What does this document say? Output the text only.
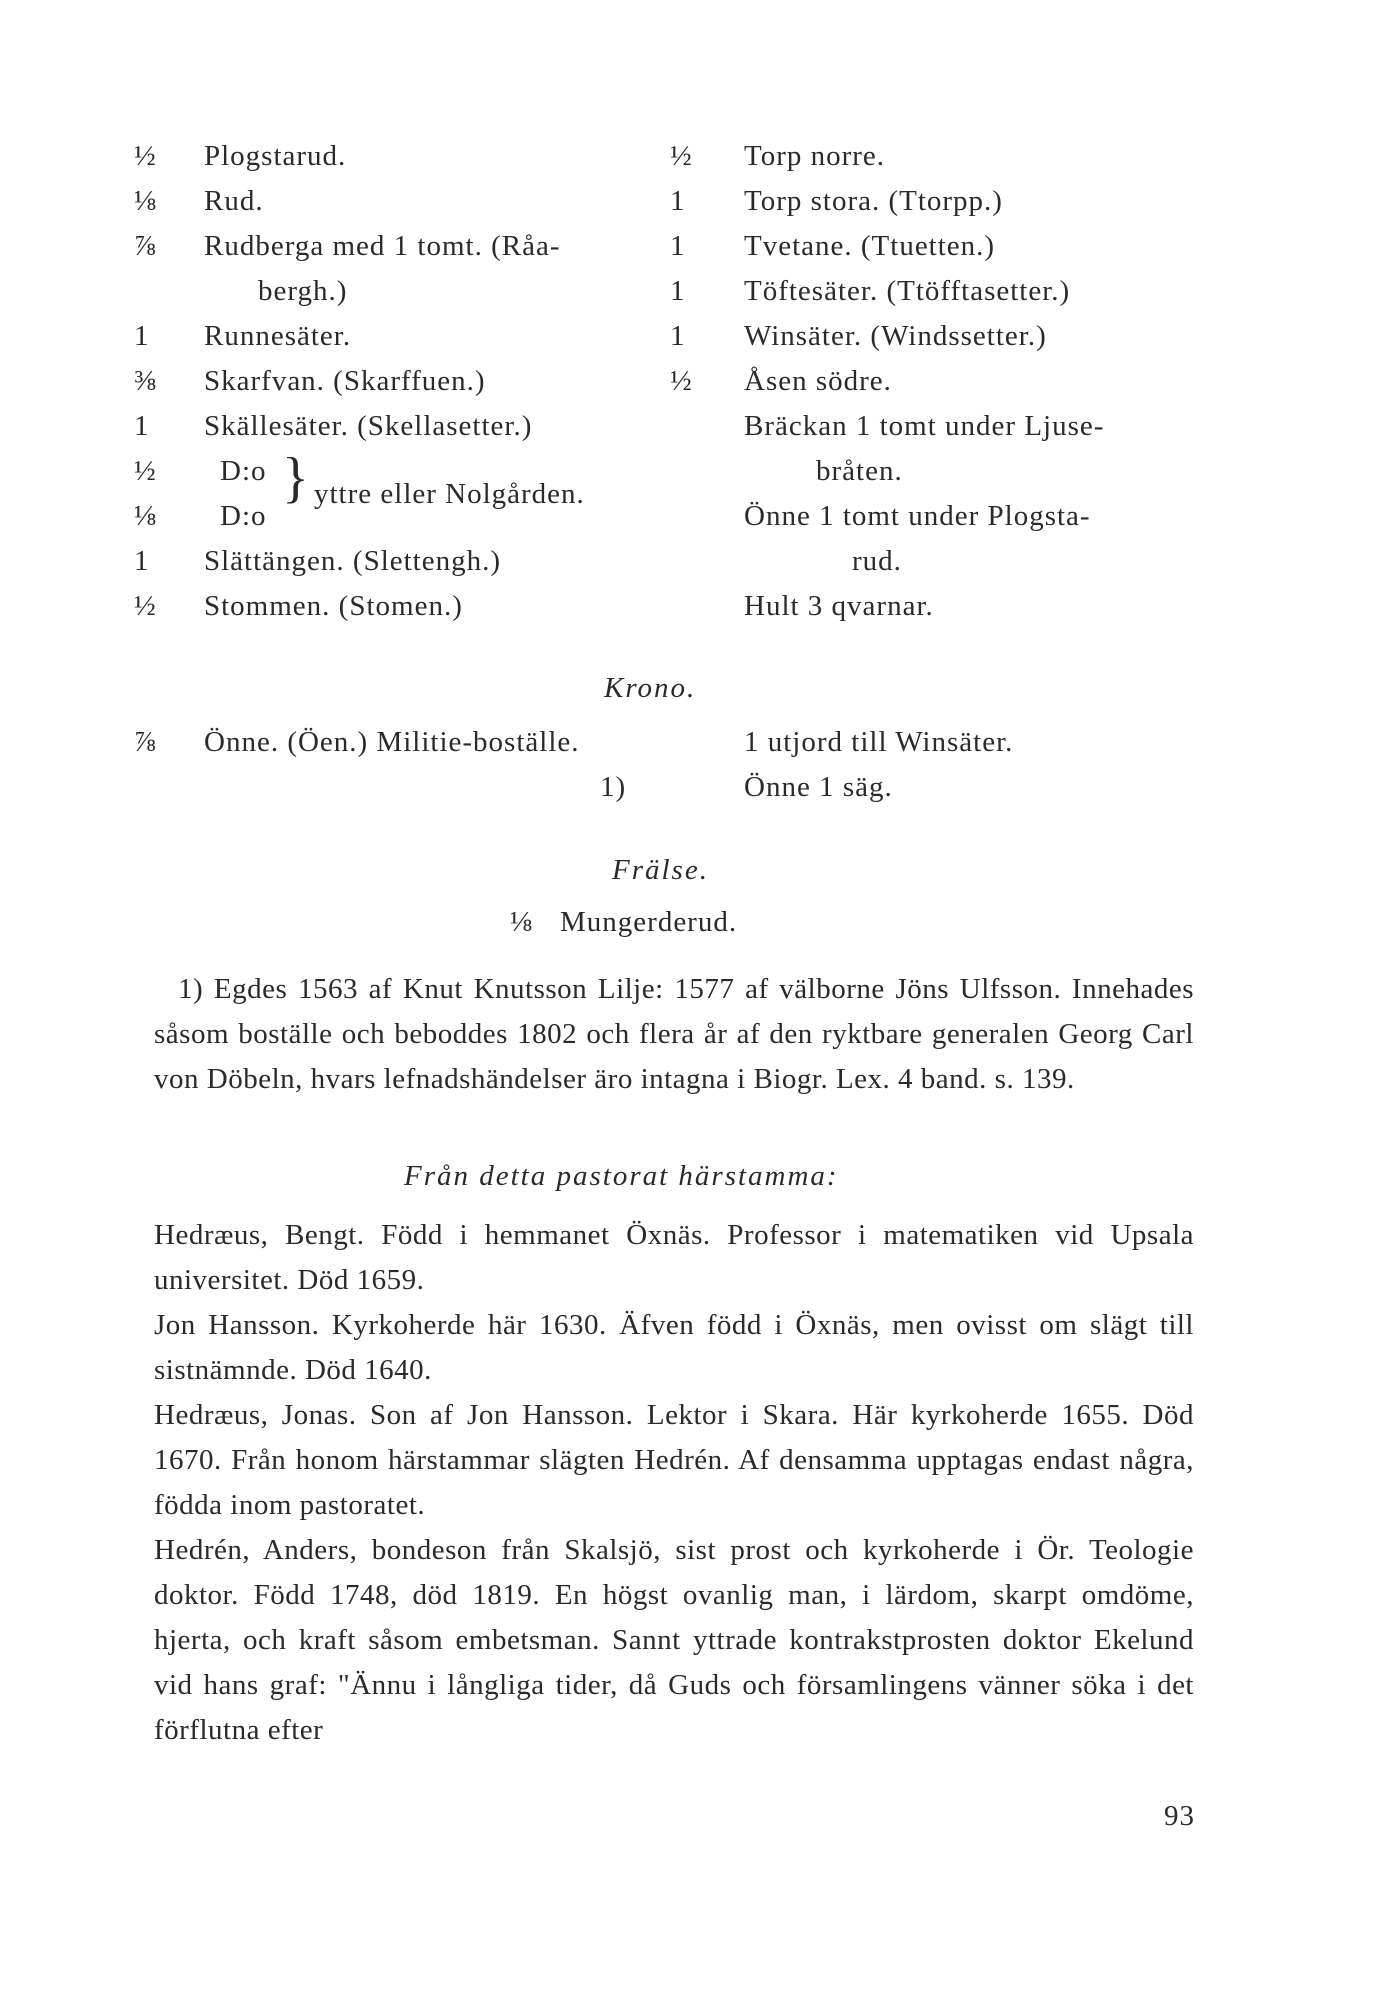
½	Plogstarud.
⅛	Rud.
⅞	Rudberga med 1 tomt. (Råa-
bergh.)
1	Runnesäter.
⅜	Skarfvan. (Skarffuen.)
1	Skällesäter. (Skellasetter.)
½	D:o
⅛	D:o
} yttre eller Nolgården.
1	Slättängen. (Slettengh.)
½	Stommen. (Stomen.)
½	Torp norre.
1	Torp stora. (Ttorpp.)
1	Tvetane. (Ttuetten.)
1	Töftesäter. (Ttöfftasetter.)
1	Winsäter. (Windssetter.)
½	Åsen södre.
Bräckan 1 tomt under Ljuse-
bråten.
Önne 1 tomt under Plogsta-
rud.
Hult 3 qvarnar.
Krono.
⅞	Önne. (Öen.) Militie-boställe.
1)
1 utjord till Winsäter.
Önne 1 säg.
Frälse.
⅛ Mungerderud.

1) Egdes 1563 af Knut Knutsson Lilje: 1577 af välborne Jöns Ulfsson. Innehades såsom boställe och beboddes 1802 och flera år af den ryktbare generalen Georg Carl von Döbeln, hvars lefnadshändelser äro intagna i Biogr. Lex. 4 band. s. 139.

Från detta pastorat härstamma:

Hedræus, Bengt. Född i hemmanet Öxnäs. Professor i matematiken vid Upsala universitet. Död 1659.

Jon Hansson. Kyrkoherde här 1630. Äfven född i Öxnäs, men ovisst om slägt till sistnämnde. Död 1640.

Hedræus, Jonas. Son af Jon Hansson. Lektor i Skara. Här kyrkoherde 1655. Död 1670. Från honom härstammar slägten Hedrén. Af densamma upptagas endast några, födda inom pastoratet.

Hedrén, Anders, bondeson från Skalsjö, sist prost och kyrkoherde i Ör. Teologie doktor. Född 1748, död 1819. En högst ovanlig man, i lärdom, skarpt omdöme, hjerta, och kraft såsom embetsman. Sannt yttrade kontrakstprosten doktor Ekelund vid hans graf: "Ännu i långliga tider, då Guds och församlingens vänner söka i det förflutna efter

93
